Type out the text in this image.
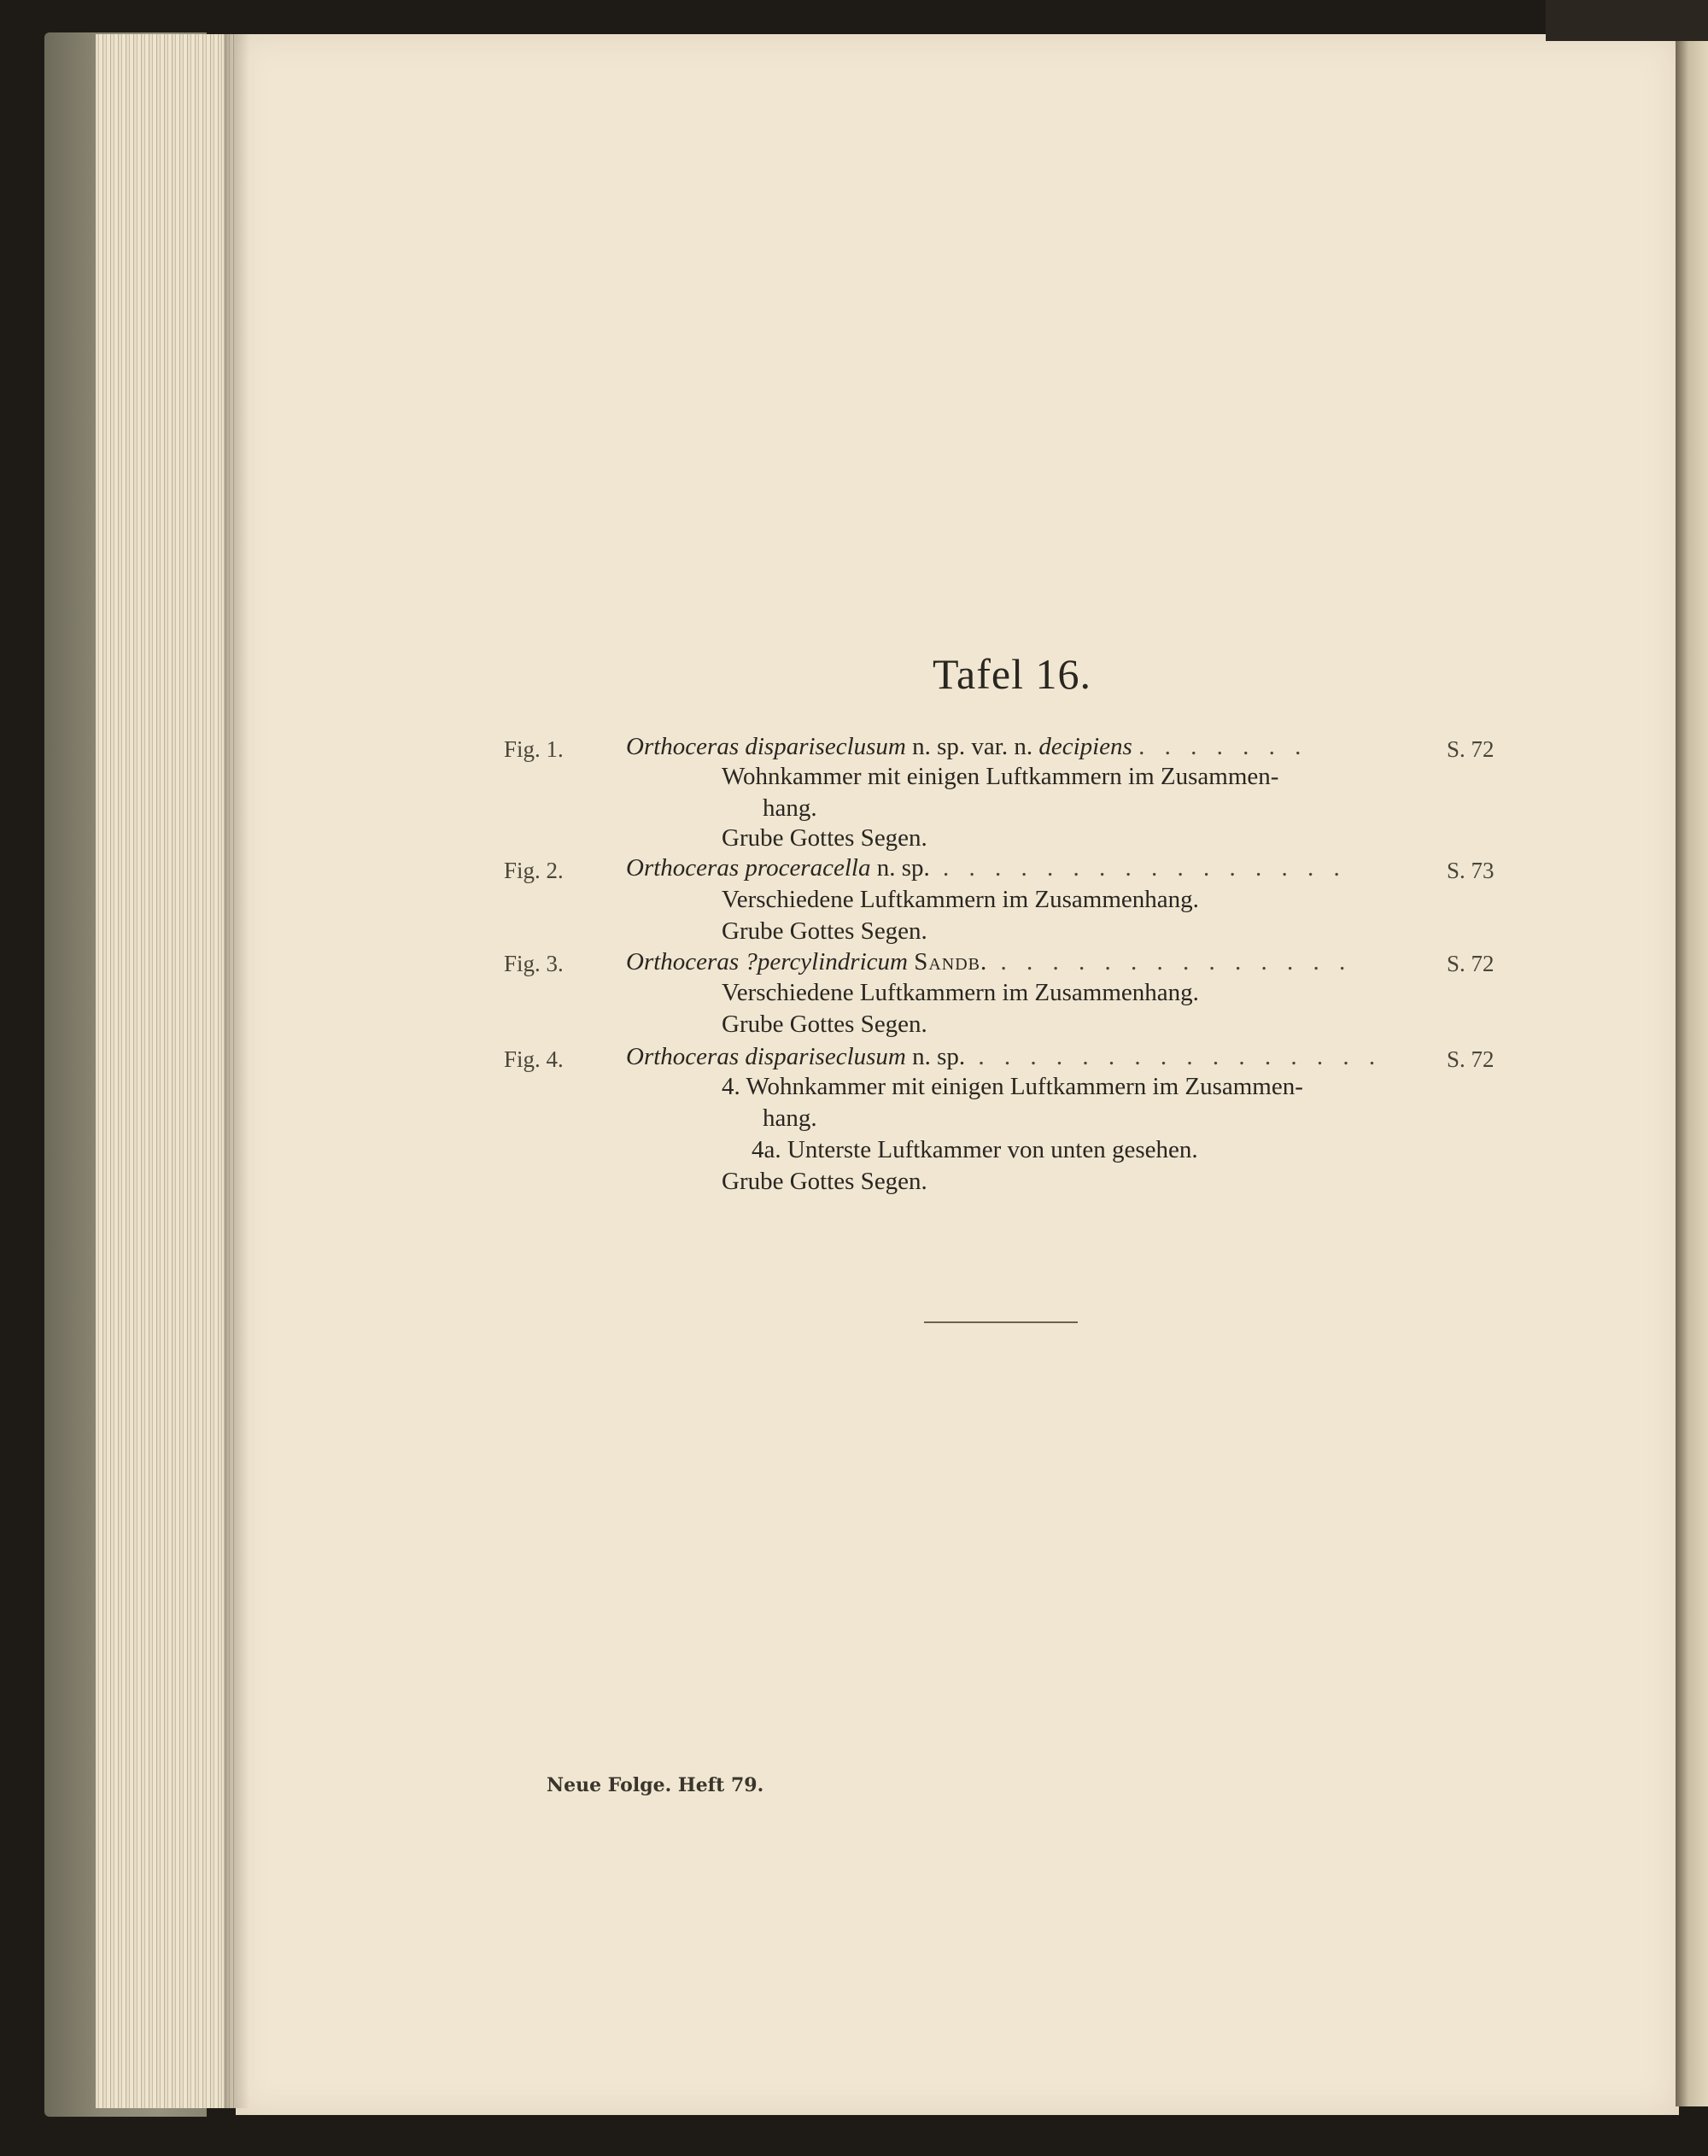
Tafel 16.
Fig. 1.	Orthoceras dispariseclusum n. sp. var. n. decipiens . . . . . . .	S. 72
Wohnkammer mit einigen Luftkammern im Zusammen-
hang.
Grube Gottes Segen.
Fig. 2.	Orthoceras proceracella n. sp. . . . . . . . . . . . . . . . .	S. 73
Verschiedene Luftkammern im Zusammenhang.
Grube Gottes Segen.
Fig. 3.	Orthoceras ?percylindricum Sandb. . . . . . . . . . . . . . .	S. 72
Verschiedene Luftkammern im Zusammenhang.
Grube Gottes Segen.
Fig. 4.	Orthoceras dispariseclusum n. sp. . . . . . . . . . . . . . . . .	S. 72
4. Wohnkammer mit einigen Luftkammern im Zusammen-
hang.
4a. Unterste Luftkammer von unten gesehen.
Grube Gottes Segen.
Neue Folge. Heft 79.
